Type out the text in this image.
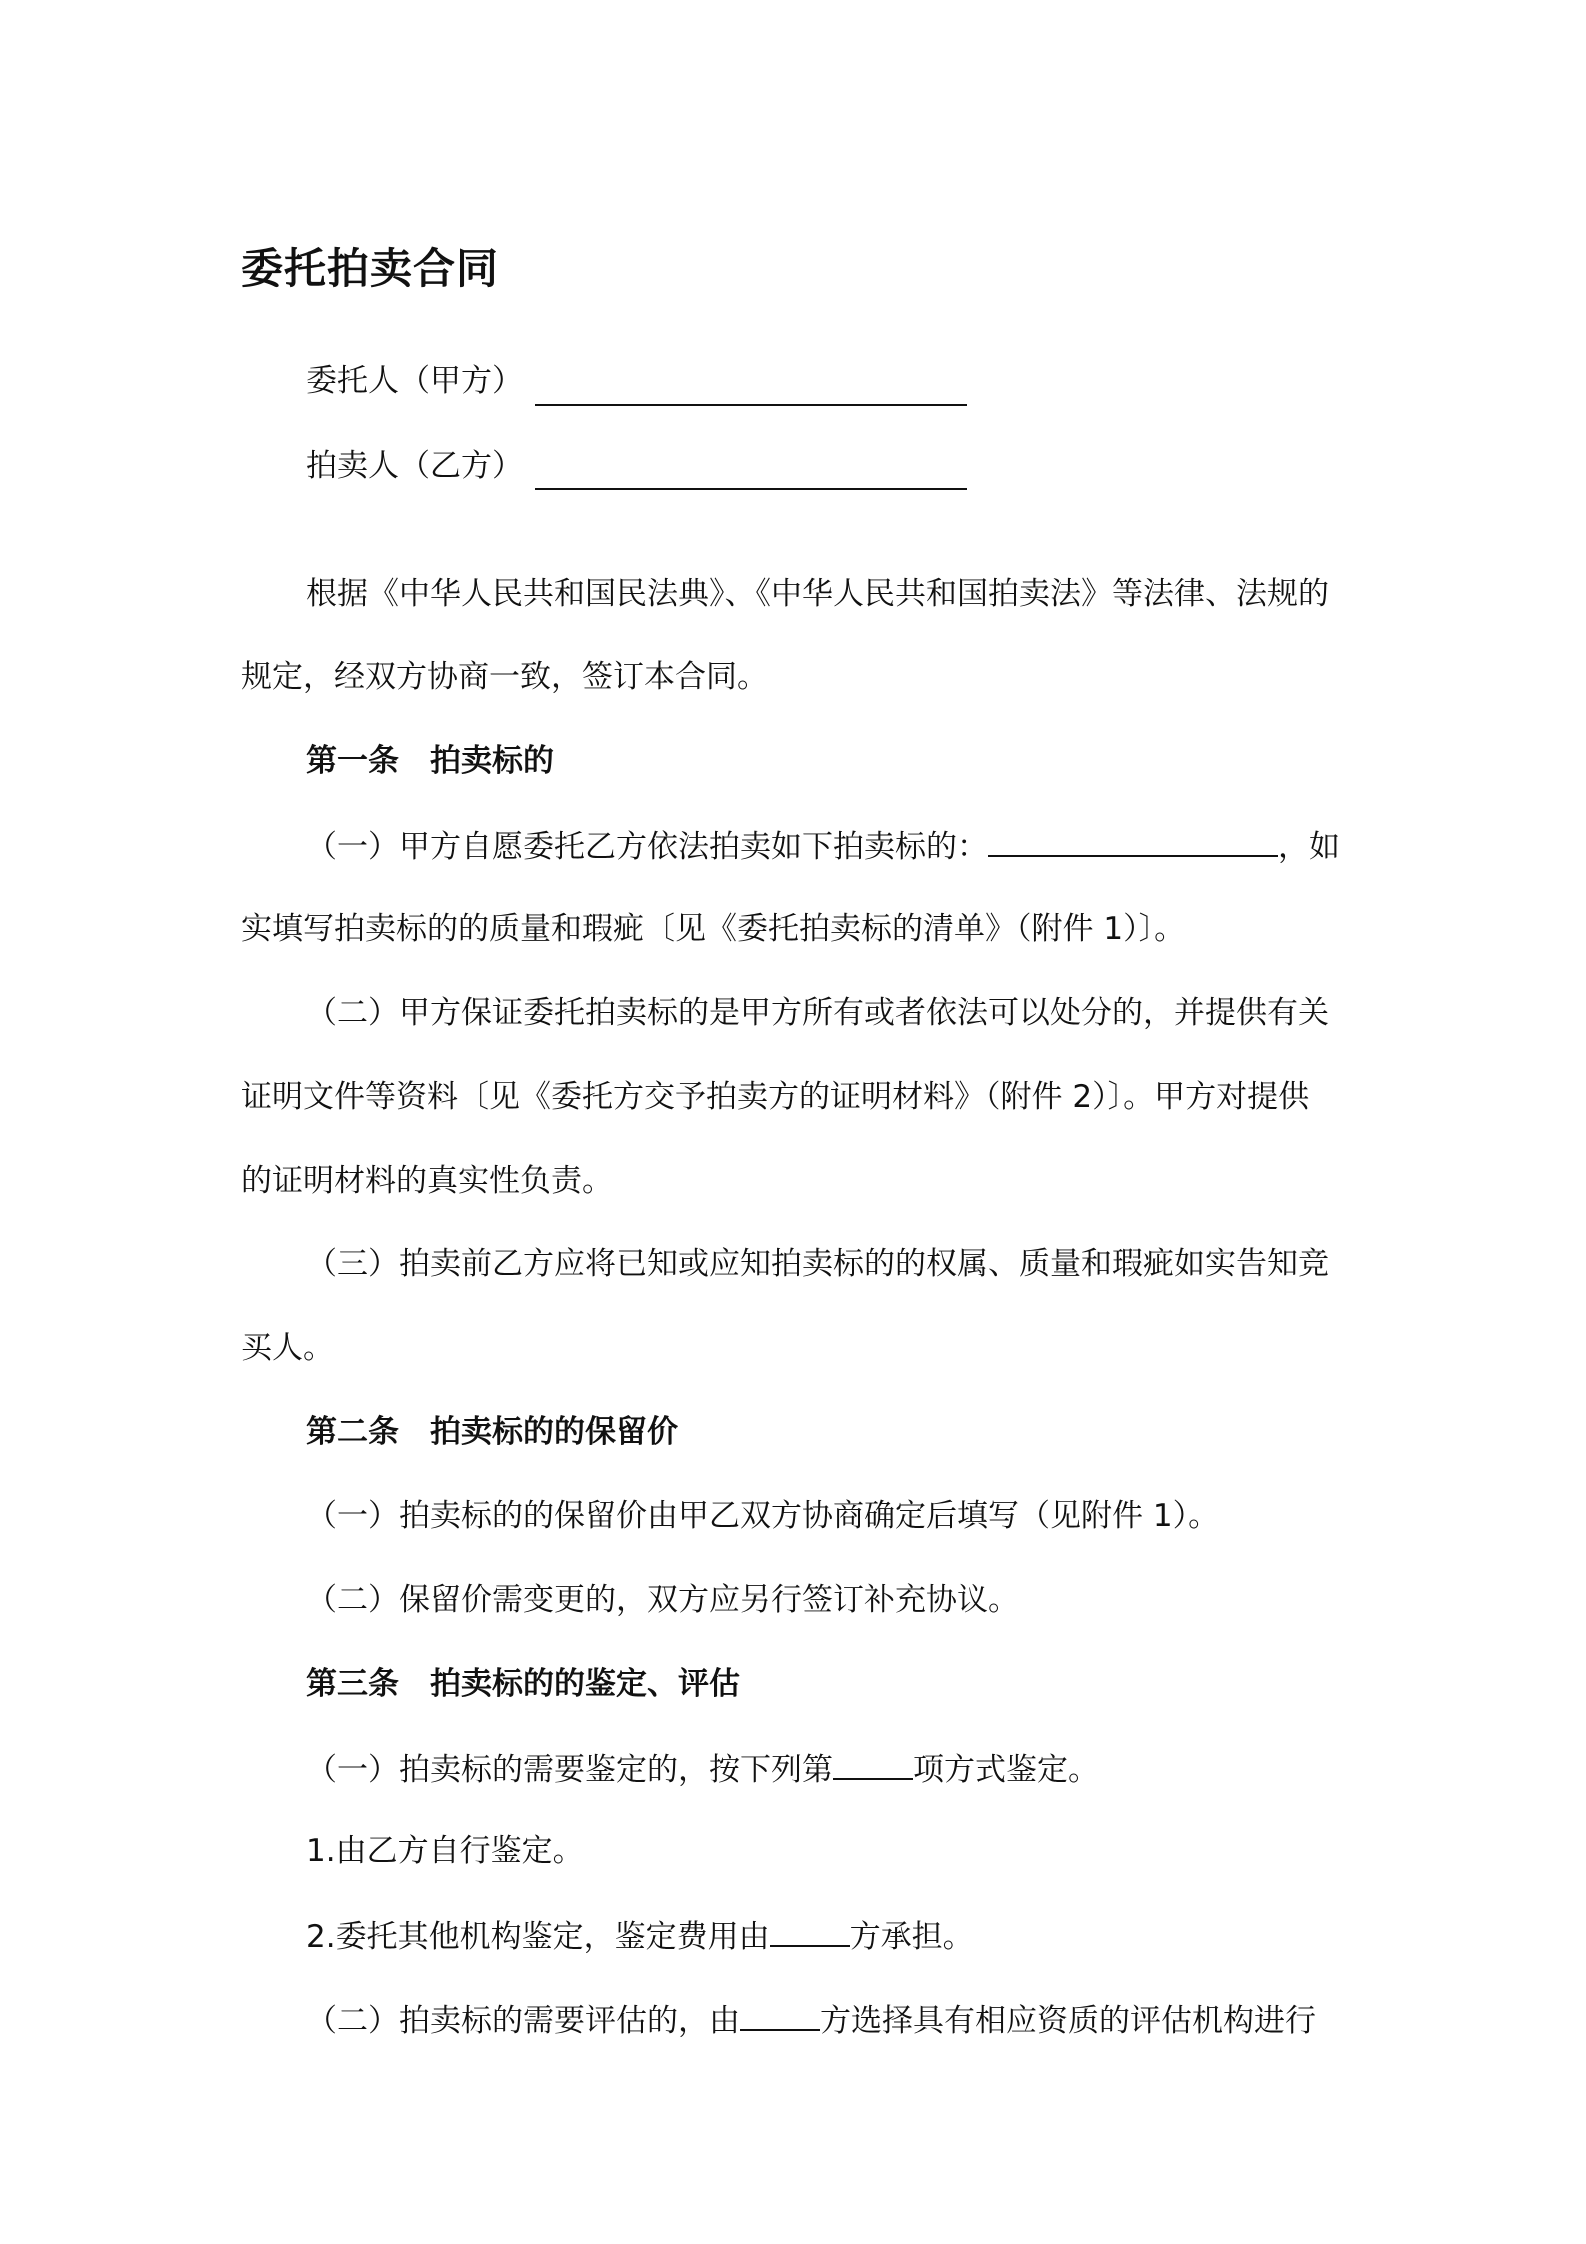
委托拍卖合同
委托人（甲方）
拍卖人（乙方）
根据《中华人民共和国民法典》、《中华人民共和国拍卖法》等法律、法规的
规定，经双方协商一致，签订本合同。
第一条　拍卖标的
（一）甲方自愿委托乙方依法拍卖如下拍卖标的：	，如
实填写拍卖标的的质量和瑕疵〔见《委托拍卖标的清单》（附件 1）〕。
（二）甲方保证委托拍卖标的是甲方所有或者依法可以处分的，并提供有关
证明文件等资料〔见《委托方交予拍卖方的证明材料》（附件 2）〕。甲方对提供
的证明材料的真实性负责。
（三）拍卖前乙方应将已知或应知拍卖标的的权属、质量和瑕疵如实告知竞
买人。
第二条　拍卖标的的保留价
（一）拍卖标的的保留价由甲乙双方协商确定后填写（见附件 1）。
（二）保留价需变更的，双方应另行签订补充协议。
第三条　拍卖标的的鉴定、评估
（一）拍卖标的需要鉴定的，按下列第	项方式鉴定。
1.由乙方自行鉴定。
2.委托其他机构鉴定，鉴定费用由	方承担。
（二）拍卖标的需要评估的，由	方选择具有相应资质的评估机构进行
